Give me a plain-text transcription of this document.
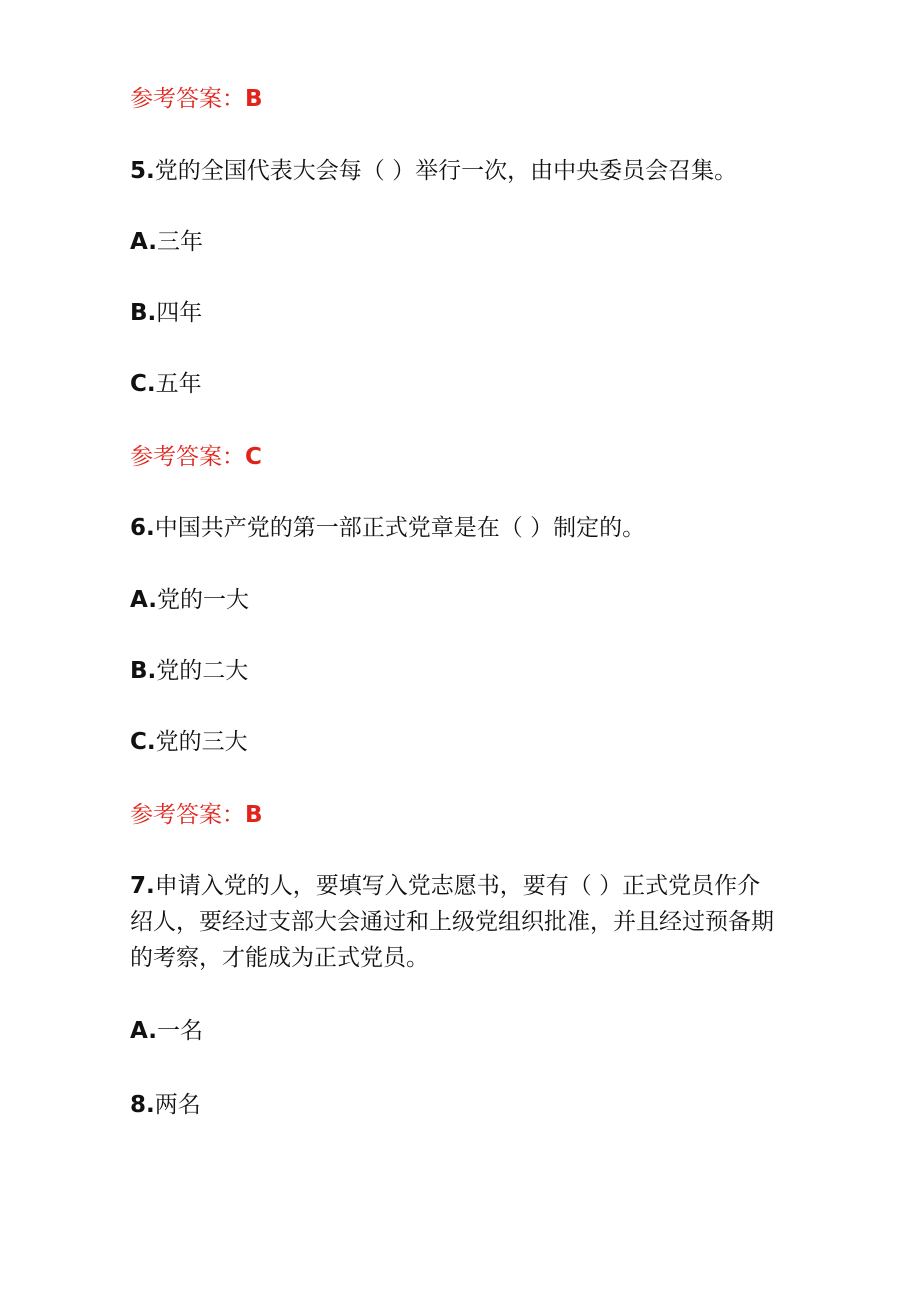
参考答案：B
5.党的全国代表大会每（ ）举行一次，由中央委员会召集。
A.三年
B.四年
C.五年
参考答案：C
6.中国共产党的第一部正式党章是在（ ）制定的。
A.党的一大
B.党的二大
C.党的三大
参考答案：B
7.申请入党的人，要填写入党志愿书，要有（ ）正式党员作介
绍人，要经过支部大会通过和上级党组织批准，并且经过预备期
的考察，才能成为正式党员。
A.一名
8.两名
